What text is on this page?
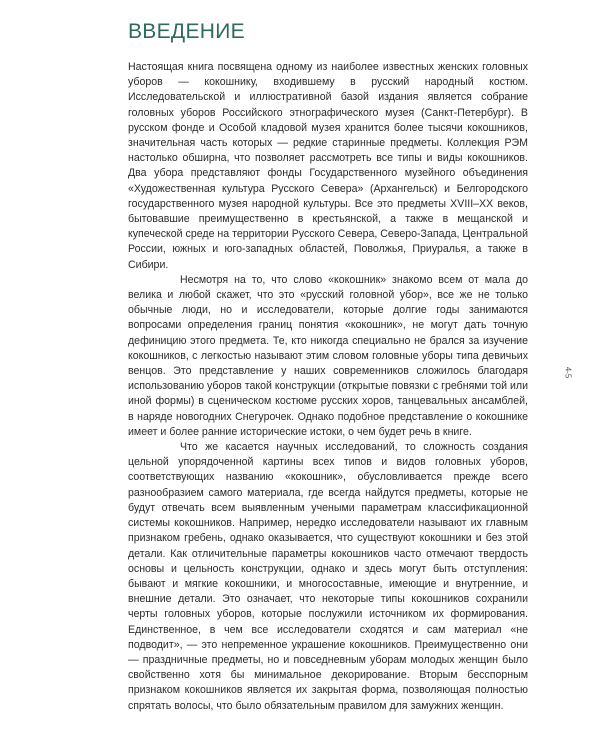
ВВЕДЕНИЕ

Настоящая книга посвящена одному из наиболее известных женских головных уборов — кокошнику, входившему в русский народный костюм. Исследовательской и иллюстративной базой издания является собрание головных уборов Российского этнографического музея (Санкт-Петербург). В русском фонде и Особой кладовой музея хранится более тысячи кокошников, значительная часть которых — редкие старинные предметы. Коллекция РЭМ настолько обширна, что позволяет рассмотреть все типы и виды кокошников. Два убора представляют фонды Государственного музейного объединения «Художественная культура Русского Севера» (Архангельск) и Белгородского государственного музея народной культуры. Все это предметы XVIII–XX веков, бытовавшие преимущественно в крестьянской, а также в мещанской и купеческой среде на территории Русского Севера, Северо-Запада, Центральной России, южных и юго-западных областей, Поволжья, Приуралья, а также в Сибири.

Несмотря на то, что слово «кокошник» знакомо всем от мала до велика и любой скажет, что это «русский головной убор», все же не только обычные люди, но и исследователи, которые долгие годы занимаются вопросами определения границ понятия «кокошник», не могут дать точную дефиницию этого предмета. Те, кто никогда специально не брался за изучение кокошников, с легкостью называют этим словом головные уборы типа девичьих венцов. Это представление у наших современников сложилось благодаря использованию уборов такой конструкции (открытые повязки с гребнями той или иной формы) в сценическом костюме русских хоров, танцевальных ансамблей, в нарядe новогодних Снегурочек. Однако подобное представление о кокошнике имеет и более ранние исторические истоки, о чем будет речь в книге.

Что же касается научных исследований, то сложность создания цельной упорядоченной картины всех типов и видов головных уборов, соответствующих названию «кокошник», обусловливается прежде всего разнообразием самого материала, где всегда найдутся предметы, которые не будут отвечать всем выявленным учеными параметрам классификационной системы кокошников. Например, нередко исследователи называют их главным признаком гребень, однако оказывается, что существуют кокошники и без этой детали. Как отличительные параметры кокошников часто отмечают твердость основы и цельность конструкции, однако и здесь могут быть отступления: бывают и мягкие кокошники, и многосоставные, имеющие и внутренние, и внешние детали. Это означает, что некоторые типы кокошников сохранили черты головных уборов, которые послужили источником их формирования. Единственное, в чем все исследователи сходятся и сам материал «не подводит», — это непременное украшение кокошников. Преимущественно они — праздничные предметы, но и повседневным уборам молодых женщин было свойственно хотя бы минимальное декорирование. Вторым бесспорным признаком кокошников является их закрытая форма, позволяющая полностью спрятать волосы, что было обязательным правилом для замужних женщин.

4-5
